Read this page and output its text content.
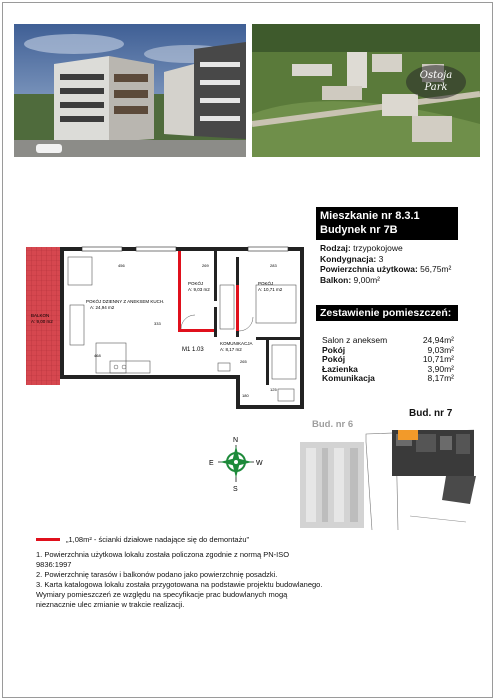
Ostoja
Park
Mieszkanie nr 8.3.1
Budynek nr 7B
Rodzaj: trzypokojowe
Kondygnacja: 3
Powierzchnia użytkowa: 56,75m²
Balkon: 9,00m²
Zestawienie pomieszczeń:
Salon z aneksem	24,94m²
Pokój	9,03m²
Pokój	10,71m²
Łazienka	3,90m²
Komunikacja	8,17m²
BALKON
A: 9,00 m2
POKÓJ DZIENNY Z ANEKSEM KUCH.
A: 24,94 m2
POKÓJ
A: 9,03 m2
POKÓJ
A: 10,71 m2
KOMUNIKACJA
A: 8,17 m2
M1 1.03
456	269	283
333
468
265
125
180
N
E	W
S
Bud. nr 7
Bud. nr 6
„1,08m² - ścianki działowe nadające się do demontażu”
1. Powierzchnia użytkowa lokalu została policzona zgodnie z normą PN-ISO 9836:1997
2. Powierzchnię tarasów i balkonów podano jako powierzchnię posadzki.
3. Karta katalogowa lokalu została przygotowana na podstawie projektu budowlanego. Wymiary pomieszczeń ze względu na specyfikacje prac budowlanych mogą nieznacznie ulec zmianie w trakcie realizacji.
